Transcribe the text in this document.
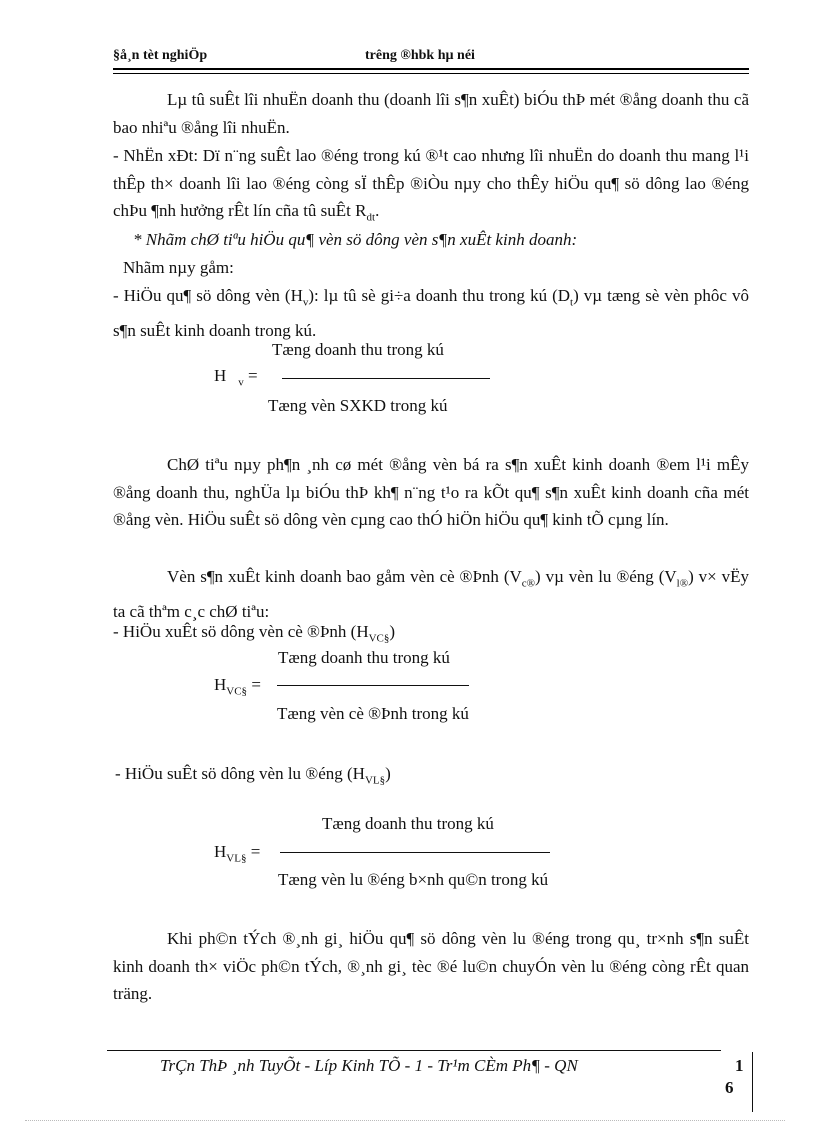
§å¸n tèt nghiÖp	trêng ®hbk hµ néi

Lµ tû suÊt lîi nhuËn doanh thu (doanh lîi s¶n xuÊt) biÓu thÞ mét ®ång doanh thu cã bao nhiªu ®ång lîi nhuËn.

- NhËn xÐt: Dï n¨ng suÊt lao ®éng trong kú ®¹t cao nhưng lîi nhuËn do doanh thu mang l¹i thÊp th× doanh lîi lao ®éng còng sÏ thÊp ®iÒu nµy cho thÊy hiÖu qu¶ sö dông lao ®éng chÞu ¶nh hưởng rÊt lín cña tû suÊt $R_{dt}$.

* Nhãm chØ tiªu hiÖu qu¶ vèn sö dông vèn s¶n xuÊt kinh doanh:

Nhãm nµy gåm:

- HiÖu qu¶ sö dông vèn $(H_v)$: lµ tû sè gi÷a doanh thu trong kú $(D_t)$ vµ tæng sè vèn phôc vô s¶n suÊt kinh doanh trong kú.

Tæng doanh thu trong kú
H $_v$ =
Tæng vèn SXKD trong kú

ChØ tiªu nµy ph¶n ¸nh cø mét ®ång vèn bá ra s¶n xuÊt kinh doanh ®em l¹i mÊy ®ång doanh thu, nghÜa lµ biÓu thÞ kh¶ n¨ng t¹o ra kÕt qu¶ s¶n xuÊt kinh doanh cña mét ®ång vèn. HiÖu suÊt sö dông vèn cµng cao thÓ hiÖn hiÖu qu¶ kinh tÕ cµng lín.

Vèn s¶n xuÊt kinh doanh bao gåm vèn cè ®Þnh $(V_{c®})$ vµ vèn lu ®éng $(V_{l®})$ v× vËy ta cã thªm c¸c chØ tiªu:

- HiÖu xuÊt sö dông vèn cè ®Þnh $(H_{VC\S})$

Tæng doanh thu trong kú
$H_{VC\S}$ =
Tæng vèn cè ®Þnh trong kú

- HiÖu suÊt sö dông vèn lu ®éng $(H_{VL\S})$

Tæng doanh thu trong kú
$H_{VL\S}$ =
Tæng vèn lu ®éng b×nh qu©n trong kú

Khi ph©n tÝch ®¸nh gi¸ hiÖu qu¶ sö dông vèn lu ®éng trong qu¸ tr×nh s¶n suÊt kinh doanh th× viÖc ph©n tÝch, ®¸nh gi¸ tèc ®é lu©n chuyÓn vèn lu ®éng còng rÊt quan träng.

TrÇn ThÞ ¸nh TuyÕt - Líp Kinh TÕ - 1 - Tr¹m CÈm Ph¶ - QN	1
6
